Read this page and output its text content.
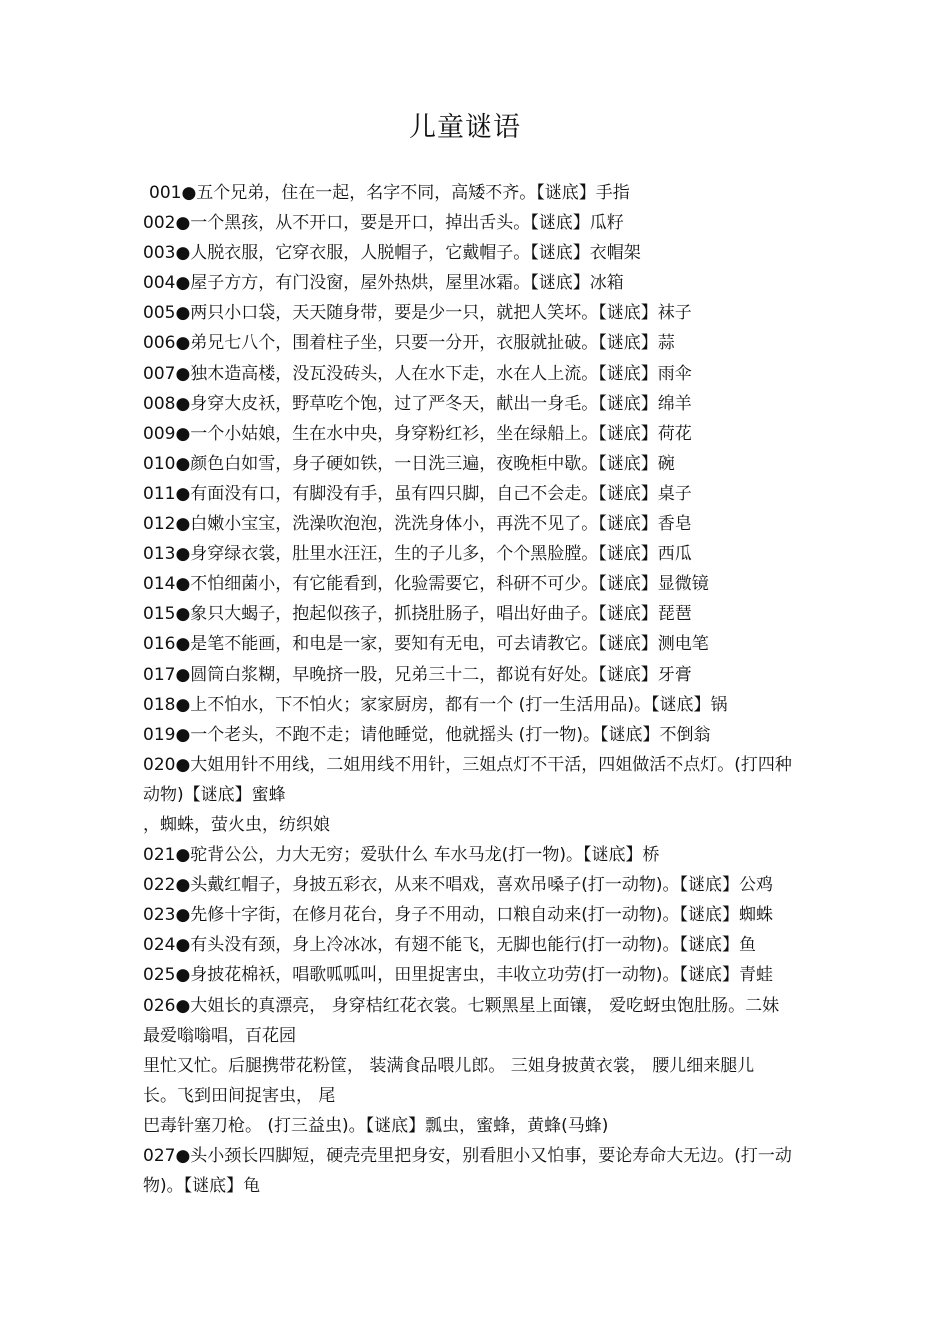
儿童谜语
001●五个兄弟，住在一起，名字不同，高矮不齐。【谜底】手指
002●一个黑孩，从不开口，要是开口，掉出舌头。【谜底】瓜籽
003●人脱衣服，它穿衣服，人脱帽子，它戴帽子。【谜底】衣帽架
004●屋子方方，有门没窗，屋外热烘，屋里冰霜。【谜底】冰箱
005●两只小口袋，天天随身带，要是少一只，就把人笑坏。【谜底】袜子
006●弟兄七八个，围着柱子坐，只要一分开，衣服就扯破。【谜底】蒜
007●独木造高楼，没瓦没砖头，人在水下走，水在人上流。【谜底】雨伞
008●身穿大皮袄，野草吃个饱，过了严冬天，献出一身毛。【谜底】绵羊
009●一个小姑娘，生在水中央，身穿粉红衫，坐在绿船上。【谜底】荷花
010●颜色白如雪，身子硬如铁，一日洗三遍，夜晚柜中歇。【谜底】碗
011●有面没有口，有脚没有手，虽有四只脚，自己不会走。【谜底】桌子
012●白嫩小宝宝，洗澡吹泡泡，洗洗身体小，再洗不见了。【谜底】香皂
013●身穿绿衣裳，肚里水汪汪，生的子儿多，个个黑脸膛。【谜底】西瓜
014●不怕细菌小，有它能看到，化验需要它，科研不可少。【谜底】显微镜
015●象只大蝎子，抱起似孩子，抓挠肚肠子，唱出好曲子。【谜底】琵琶
016●是笔不能画，和电是一家，要知有无电，可去请教它。【谜底】测电笔
017●圆筒白浆糊，早晚挤一股，兄弟三十二，都说有好处。【谜底】牙膏
018●上不怕水，下不怕火；家家厨房，都有一个 (打一生活用品)。【谜底】锅
019●一个老头，不跑不走；请他睡觉，他就摇头 (打一物)。【谜底】不倒翁
020●大姐用针不用线，二姐用线不用针，三姐点灯不干活，四姐做活不点灯。(打四种
动物)【谜底】蜜蜂
，蜘蛛，萤火虫，纺织娘
021●驼背公公，力大无穷；爱驮什么 车水马龙(打一物)。【谜底】桥
022●头戴红帽子，身披五彩衣，从来不唱戏，喜欢吊嗓子(打一动物)。【谜底】公鸡
023●先修十字街，在修月花台，身子不用动，口粮自动来(打一动物)。【谜底】蜘蛛
024●有头没有颈，身上冷冰冰，有翅不能飞，无脚也能行(打一动物)。【谜底】鱼
025●身披花棉袄，唱歌呱呱叫，田里捉害虫，丰收立功劳(打一动物)。【谜底】青蛙
026●大姐长的真漂亮， 身穿桔红花衣裳。七颗黑星上面镶， 爱吃蚜虫饱肚肠。二妹
最爱嗡嗡唱，百花园
里忙又忙。后腿携带花粉筐， 装满食品喂儿郎。 三姐身披黄衣裳， 腰儿细来腿儿
长。飞到田间捉害虫， 尾
巴毒针塞刀枪。 (打三益虫)。【谜底】瓢虫，蜜蜂，黄蜂(马蜂)
027●头小颈长四脚短，硬壳壳里把身安，别看胆小又怕事，要论寿命大无边。(打一动
物)。【谜底】龟
